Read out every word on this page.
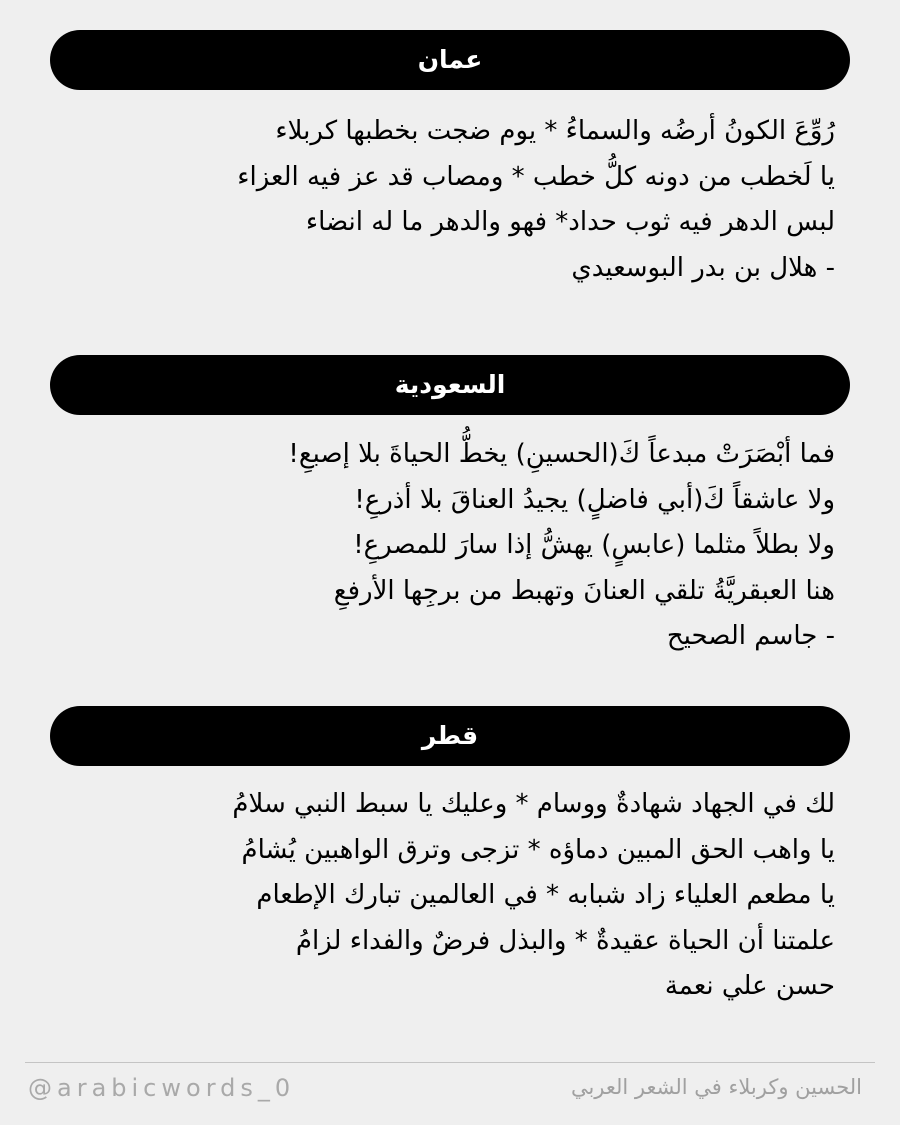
عمان
رُوِّعَ الكونُ أرضُه والسماءُ * يوم ضجت بخطبها كربلاء
يا لَخطب من دونه كلُّ خطب * ومصاب قد عز فيه العزاء
لبس الدهر فيه ثوب حداد* فهو والدهر ما له انضاء
- هلال بن بدر البوسعيدي
السعودية
فما أبْصَرَتْ مبدعاً كَ(الحسينِ) يخطُّ الحياةَ بلا إصبعِ!
ولا عاشقاً كَ(أبي فاضلٍ) يجيدُ العناقَ بلا أذرعِ!
ولا بطلاً مثلما (عابسٍ) يهشُّ إذا سارَ للمصرعِ!
هنا العبقريَّةُ تلقي العنانَ وتهبط من برجِها الأرفعِ
- جاسم الصحيح
قطر
لك في الجهاد شهادةٌ ووسام * وعليك يا سبط النبي سلامُ
يا واهب الحق المبين دماؤه * تزجى وترق الواهبين يُشامُ
يا مطعم العلياء زاد شبابه * في العالمين تبارك الإطعام
علمتنا أن الحياة عقيدةٌ * والبذل فرضٌ والفداء لزامُ
حسن علي نعمة
@arabicwords_0	الحسين وكربلاء في الشعر العربي
